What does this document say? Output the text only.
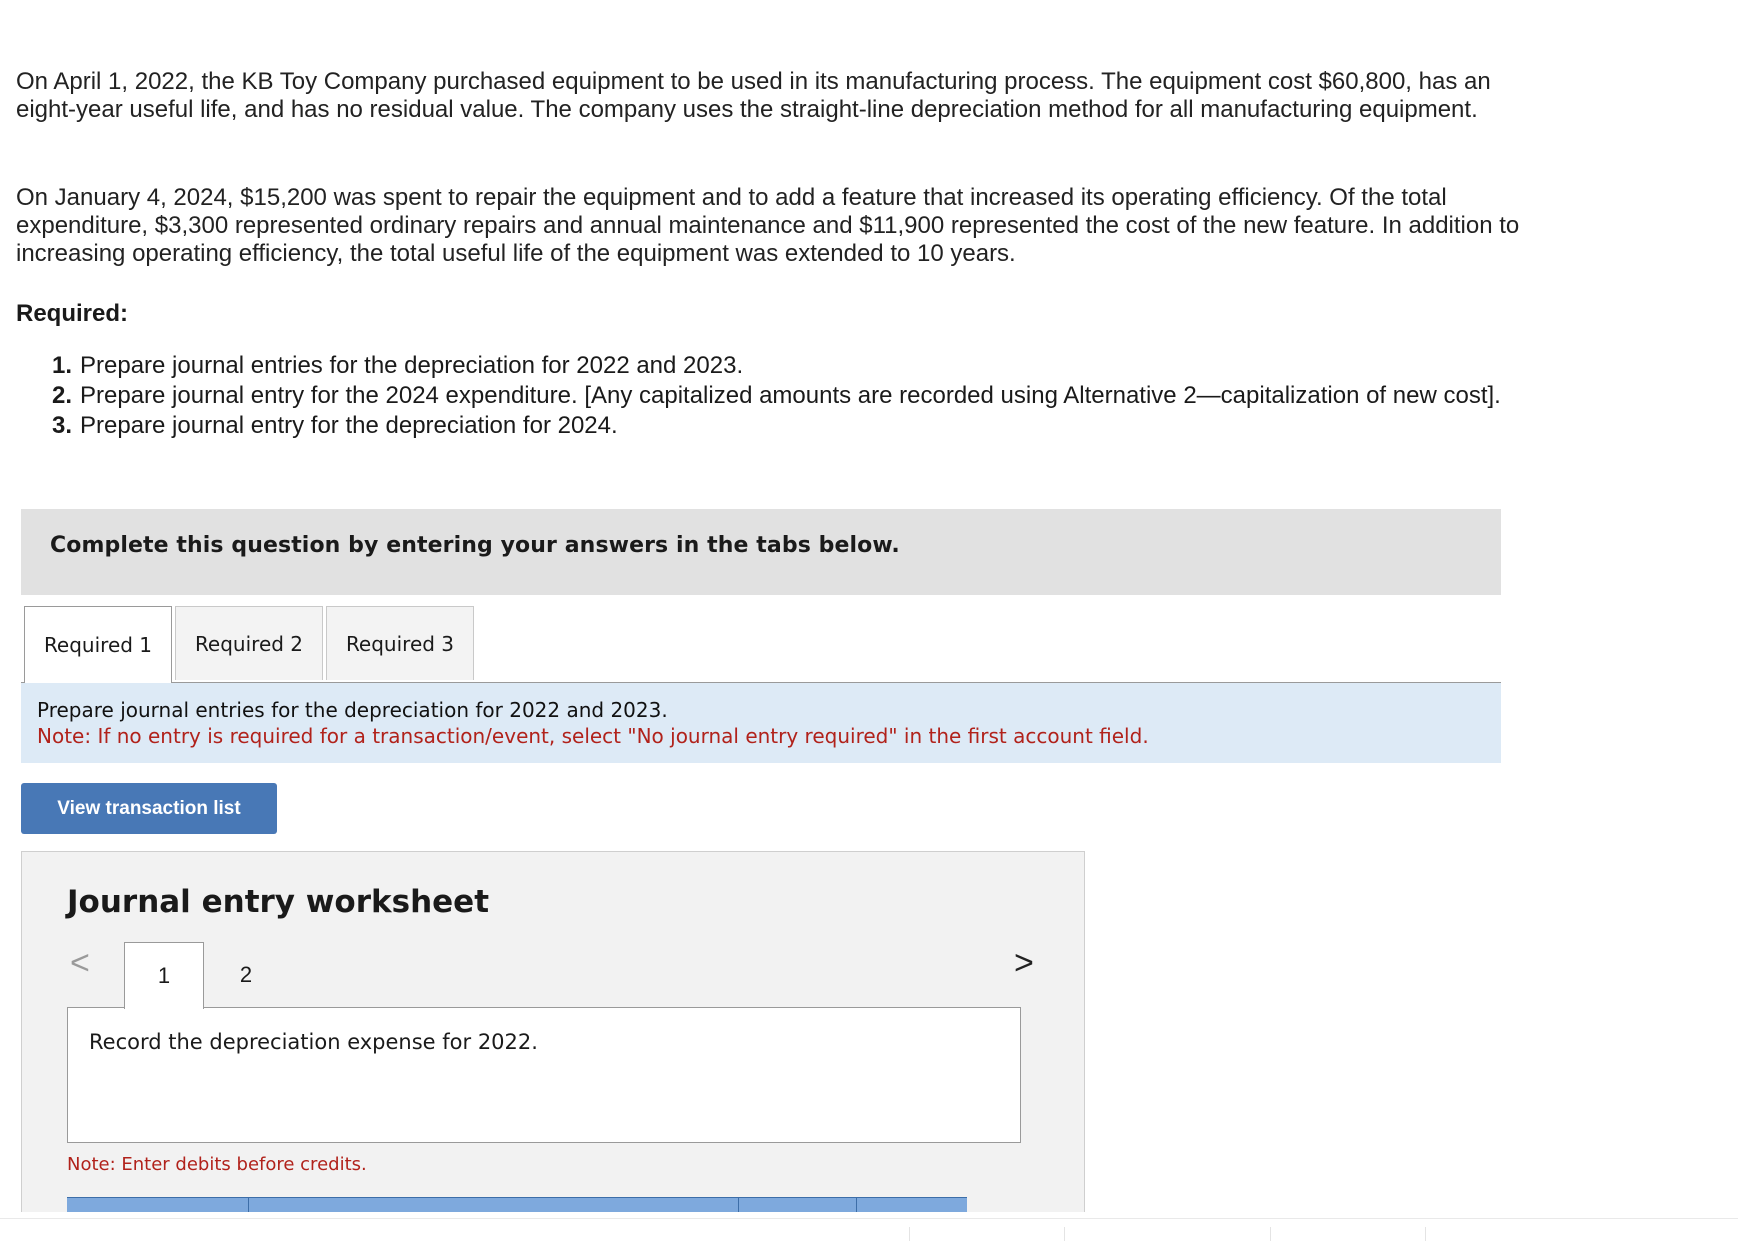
On April 1, 2022, the KB Toy Company purchased equipment to be used in its manufacturing process. The equipment cost $60,800, has an eight-year useful life, and has no residual value. The company uses the straight-line depreciation method for all manufacturing equipment.

On January 4, 2024, $15,200 was spent to repair the equipment and to add a feature that increased its operating efficiency. Of the total expenditure, $3,300 represented ordinary repairs and annual maintenance and $11,900 represented the cost of the new feature. In addition to increasing operating efficiency, the total useful life of the equipment was extended to 10 years.

Required:

1. Prepare journal entries for the depreciation for 2022 and 2023.
2. Prepare journal entry for the 2024 expenditure. [Any capitalized amounts are recorded using Alternative 2—capitalization of new cost].
3. Prepare journal entry for the depreciation for 2024.
Complete this question by entering your answers in the tabs below.
Required 1	Required 2	Required 3
Prepare journal entries for the depreciation for 2022 and 2023.
Note: If no entry is required for a transaction/event, select "No journal entry required" in the first account field.
View transaction list
Journal entry worksheet
<	1	2	>
Record the depreciation expense for 2022.
Note: Enter debits before credits.
